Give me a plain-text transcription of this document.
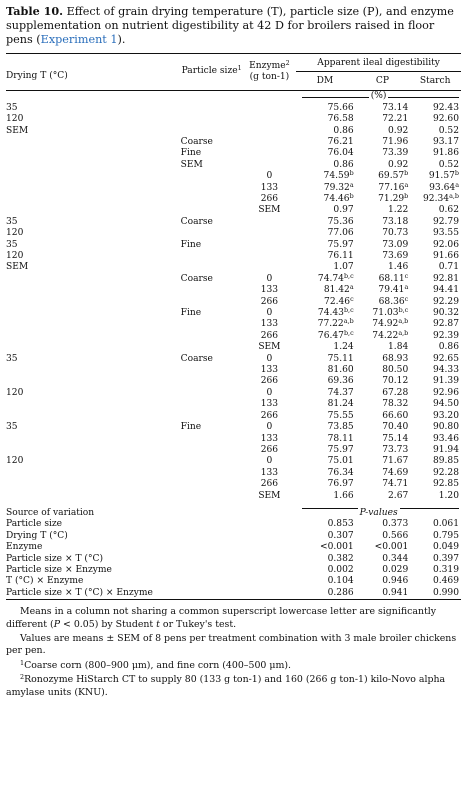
Table 10. Effect of grain drying temperature (T), particle size (P), and enzyme supplementation on nutrient digestibility at 42 D for broilers raised in floor pens (Experiment 1).

Drying T (°C)	Particle size$^1$	Enzyme$^2$
(g ton-1)	Apparent ileal digestibility		

			DM	CP	Starch

			(%)		
35			75.66	73.14	92.43
120			76.58	72.21	92.60
SEM			0.86	0.92	0.52
	Coarse		76.21	71.96	93.17
	Fine		76.04	73.39	91.86
	SEM		0.86	0.92	0.52
		0	74.59$^b$	69.57$^b$	91.57$^b$
		133	79.32$^a$	77.16$^a$	93.64$^a$
		266	74.46$^b$	71.29$^b$	92.34$^{a,b}$
		SEM	0.97	1.22	0.62
35	Coarse		75.36	73.18	92.79
120			77.06	70.73	93.55
35	Fine		75.97	73.09	92.06
120			76.11	73.69	91.66
SEM			1.07	1.46	0.71
	Coarse	0	74.74$^{b,c}$	68.11$^c$	92.81
		133	81.42$^a$	79.41$^a$	94.41
		266	72.46$^c$	68.36$^c$	92.29
	Fine	0	74.43$^{b,c}$	71.03$^{b,c}$	90.32
		133	77.22$^{a,b}$	74.92$^{a,b}$	92.87
		266	76.47$^{b,c}$	74.22$^{a,b}$	92.39
		SEM	1.24	1.84	0.86
35	Coarse	0	75.11	68.93	92.65
		133	81.60	80.50	94.33
		266	69.36	70.12	91.39
120		0	74.37	67.28	92.96
		133	81.24	78.32	94.50
		266	75.55	66.60	93.20
35	Fine	0	73.85	70.40	90.80
		133	78.11	75.14	93.46
		266	75.97	73.73	91.94
120		0	75.01	71.67	89.85
		133	76.34	74.69	92.28
		266	76.97	74.71	92.85
		SEM	1.66	2.67	1.20
Source of variation			P-values		
Particle size			0.853	0.373	0.061
Drying T (°C)			0.307	0.566	0.795
Enzyme			<0.001	<0.001	0.049
Particle size × T (°C)			0.382	0.344	0.397
Particle size × Enzyme			0.002	0.029	0.319
T (°C) × Enzyme			0.104	0.946	0.469
Particle size × T (°C) × Enzyme			0.286	0.941	0.990

Means in a column not sharing a common superscript lowercase letter are significantly different (P < 0.05) by Student t or Tukey's test.

Values are means ± SEM of 8 pens per treatment combination with 3 male broiler chickens per pen.

$^1$Coarse corn (800–900 μm), and fine corn (400–500 μm).

$^2$Ronozyme HiStarch CT to supply 80 (133 g ton-1) and 160 (266 g ton-1) kilo-Novo alpha amylase units (KNU).
